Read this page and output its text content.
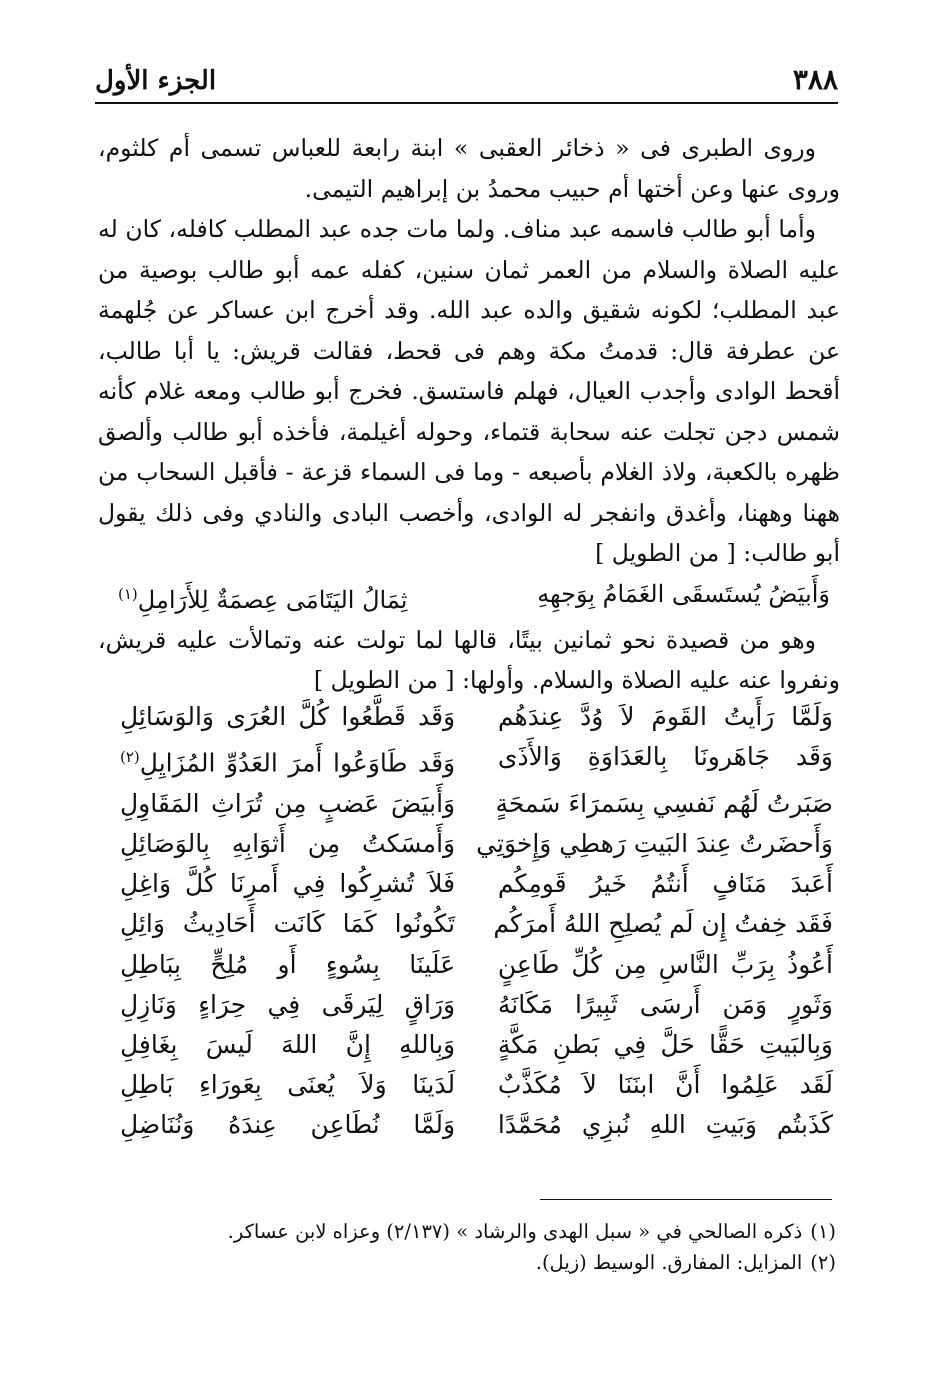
٣٨٨
الجزء الأول

وروى الطبرى فى « ذخائر العقبى » ابنة رابعة للعباس تسمى أم كلثوم، وروى عنها وعن أختها أم حبيب محمدُ بن إبراهيم التيمى.

وأما أبو طالب فاسمه عبد مناف. ولما مات جده عبد المطلب كافله، كان له عليه الصلاة والسلام من العمر ثمان سنين، كفله عمه أبو طالب بوصية من عبد المطلب؛ لكونه شقيق والده عبد الله. وقد أخرج ابن عساكر عن جُلهمة عن عطرفة قال: قدمتُ مكة وهم فى قحط، فقالت قريش: يا أبا طالب، أقحط الوادى وأجدب العيال، فهلم فاستسق. فخرج أبو طالب ومعه غلام كأنه شمس دجن تجلت عنه سحابة قتماء، وحوله أغيلمة، فأخذه أبو طالب وألصق ظهره بالكعبة، ولاذ الغلام بأصبعه - وما فى السماء قزعة - فأقبل السحاب من ههنا وههنا، وأغدق وانفجر له الوادى، وأخصب البادى والنادي وفى ذلك يقول أبو طالب: [ من الطويل ]

وَأَبيَضُ يُستَسقَى الغَمَامُ بِوَجهِهِ
ثِمَالُ اليَتَامَى عِصمَةٌ لِلأَرَامِلِ$^{(١)}$

وهو من قصيدة نحو ثمانين بيتًا، قالها لما تولت عنه وتمالأت عليه قريش، ونفروا عنه عليه الصلاة والسلام. وأولها: [ من الطويل ]

وَلَمَّا رَأَيتُ القَومَ لاَ وُدَّ عِندَهُم
وَقَد قَطَّعُوا كُلَّ العُرَى وَالوَسَائِلِ
وَقَد جَاهَرونَا بِالعَدَاوَةِ وَالأَذَى
وَقَد طَاوَعُوا أَمرَ العَدُوِّ المُزَايِلِ$^{(٢)}$
صَبَرتُ لَهُم نَفسِي بِسَمرَاءَ سَمحَةٍ
وَأَبيَضَ عَضبٍ مِن تُرَاثِ المَقَاوِلِ
وَأَحضَرتُ عِندَ البَيتِ رَهطِي وَإِخوَتِي
وَأَمسَكتُ مِن أَثوَابِهِ بِالوَصَائِلِ
أَعَبدَ مَنَافٍ أَنتُمُ خَيرُ قَومِكُم
فَلاَ تُشرِكُوا فِي أَمرِنَا كُلَّ وَاغِلِ
فَقَد خِفتُ إِن لَم يُصلِحِ اللهُ أَمرَكُم
تَكُونُوا كَمَا كَانَت أَحَادِيثُ وَائِلِ
أَعُوذُ بِرَبِّ النَّاسِ مِن كُلِّ طَاعِنٍ
عَلَينَا بِسُوءٍ أَو مُلِحٍّ بِبَاطِلِ
وَثَورٍ وَمَن أَرسَى ثَبِيرًا مَكَانَهُ
وَرَاقٍ لِيَرقَى فِي حِرَاءٍ وَنَازِلِ
وَبِالبَيتِ حَقًّا حَلَّ فِي بَطنِ مَكَّةٍ
وَبِاللهِ إِنَّ اللهَ لَيسَ بِغَافِلِ
لَقَد عَلِمُوا أَنَّ ابنَنَا لاَ مُكَذَّبٌ
لَدَينَا وَلاَ يُعنَى بِعَورَاءِ بَاطِلِ
كَذَبتُم وَبَيتِ اللهِ نُبزِي مُحَمَّدًا
وَلَمَّا نُطَاعِن عِندَهُ وَنُنَاضِلِ
(١)ذكره الصالحي في « سبل الهدى والرشاد » (٢/١٣٧) وعزاه لابن عساكر.
(٢)المزايل: المفارق. الوسيط (زيل).
